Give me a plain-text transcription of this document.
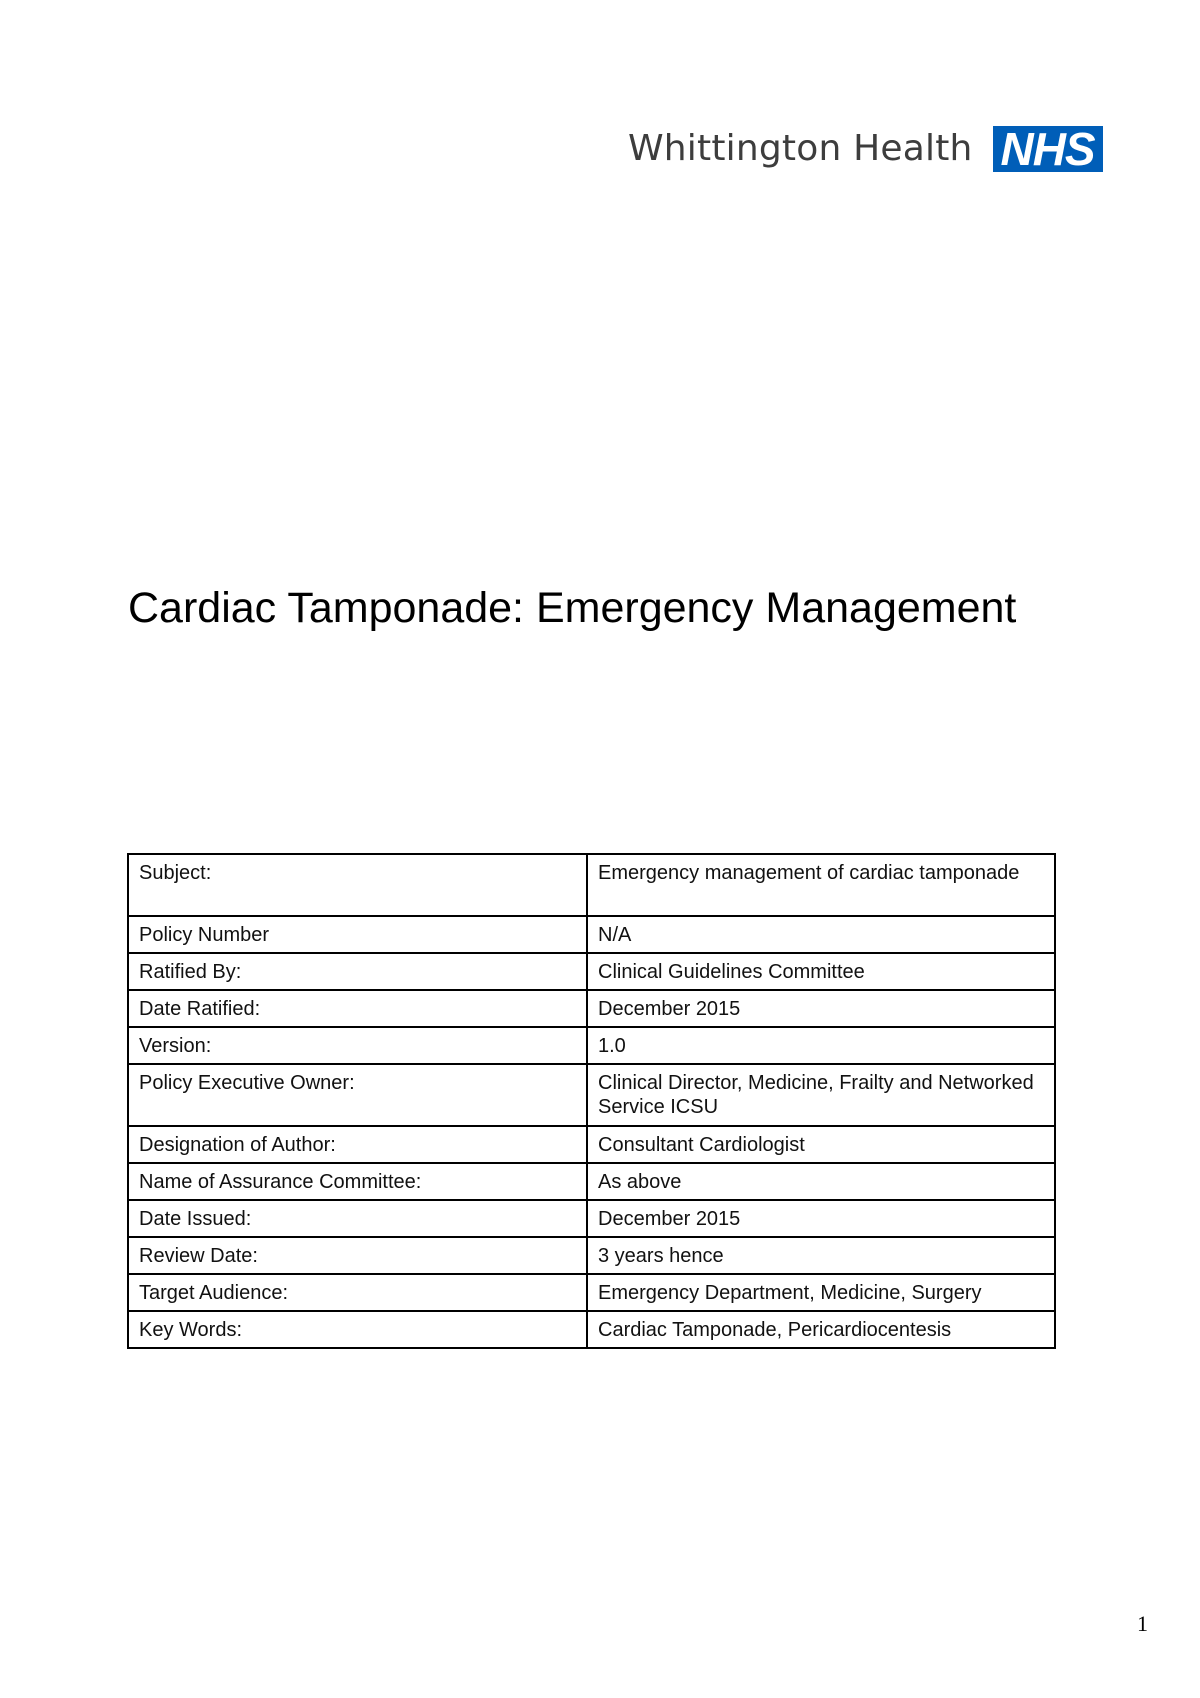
Whittington Health NHS
Cardiac Tamponade: Emergency Management
Subject:	Emergency management of cardiac tamponade
Policy Number	N/A
Ratified By:	Clinical Guidelines Committee
Date Ratified:	December 2015
Version:	1.0
Policy Executive Owner:	Clinical Director, Medicine, Frailty and Networked Service ICSU
Designation of Author:	Consultant Cardiologist
Name of Assurance Committee:	As above
Date Issued:	December 2015
Review Date:	3 years hence
Target Audience:	Emergency Department, Medicine, Surgery
Key Words:	Cardiac Tamponade, Pericardiocentesis
1
